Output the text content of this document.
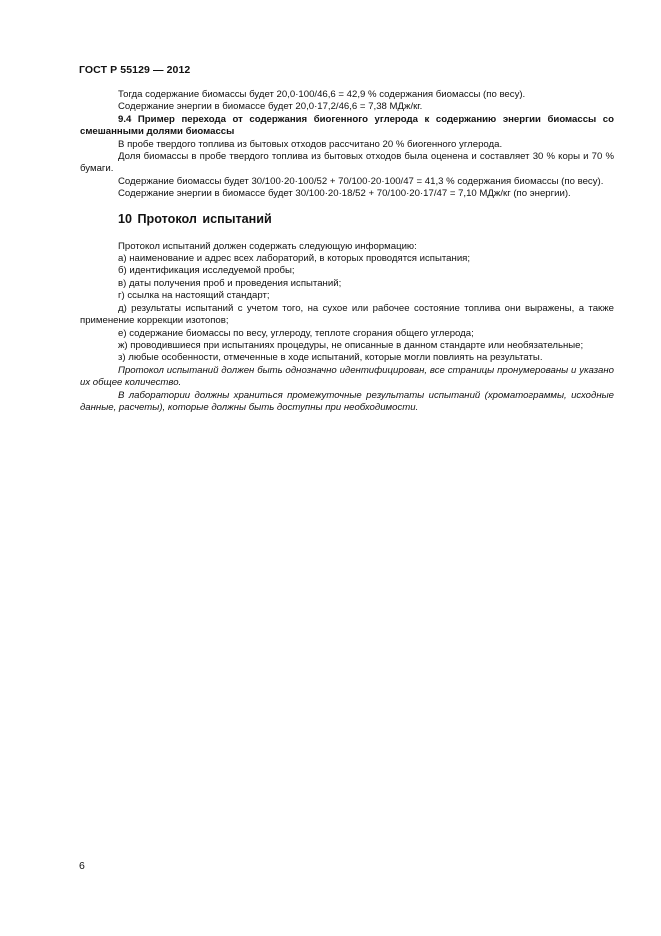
ГОСТ Р 55129 — 2012

Тогда содержание биомассы будет 20,0·100/46,6 = 42,9 % содержания биомассы (по весу).

Содержание энергии в биомассе будет 20,0·17,2/46,6 = 7,38 МДж/кг.

9.4 Пример перехода от содержания биогенного углерода к содержанию энергии биомассы со смешанными долями биомассы

В пробе твердого топлива из бытовых отходов рассчитано 20 % биогенного углерода.

Доля биомассы в пробе твердого топлива из бытовых отходов была оценена и составляет 30 % коры и 70 % бумаги.

Содержание биомассы будет 30/100·20·100/52 + 70/100·20·100/47 = 41,3 % содержания биомассы (по весу).

Содержание энергии в биомассе будет 30/100·20·18/52 + 70/100·20·17/47 = 7,10 МДж/кг (по энергии).

10 Протокол испытаний

Протокол испытаний должен содержать следующую информацию:

а) наименование и адрес всех лабораторий, в которых проводятся испытания;

б) идентификация исследуемой пробы;

в) даты получения проб и проведения испытаний;

г) ссылка на настоящий стандарт;

д) результаты испытаний с учетом того, на сухое или рабочее состояние топлива они выражены, а также применение коррекции изотопов;

е) содержание биомассы по весу, углероду, теплоте сгорания общего углерода;

ж) проводившиеся при испытаниях процедуры, не описанные в данном стандарте или необязательные;

з) любые особенности, отмеченные в ходе испытаний, которые могли повлиять на результаты.

Протокол испытаний должен быть однозначно идентифицирован, все страницы пронумерованы и указано их общее количество.

В лаборатории должны храниться промежуточные результаты испытаний (хроматограммы, исходные данные, расчеты), которые должны быть доступны при необходимости.

6
